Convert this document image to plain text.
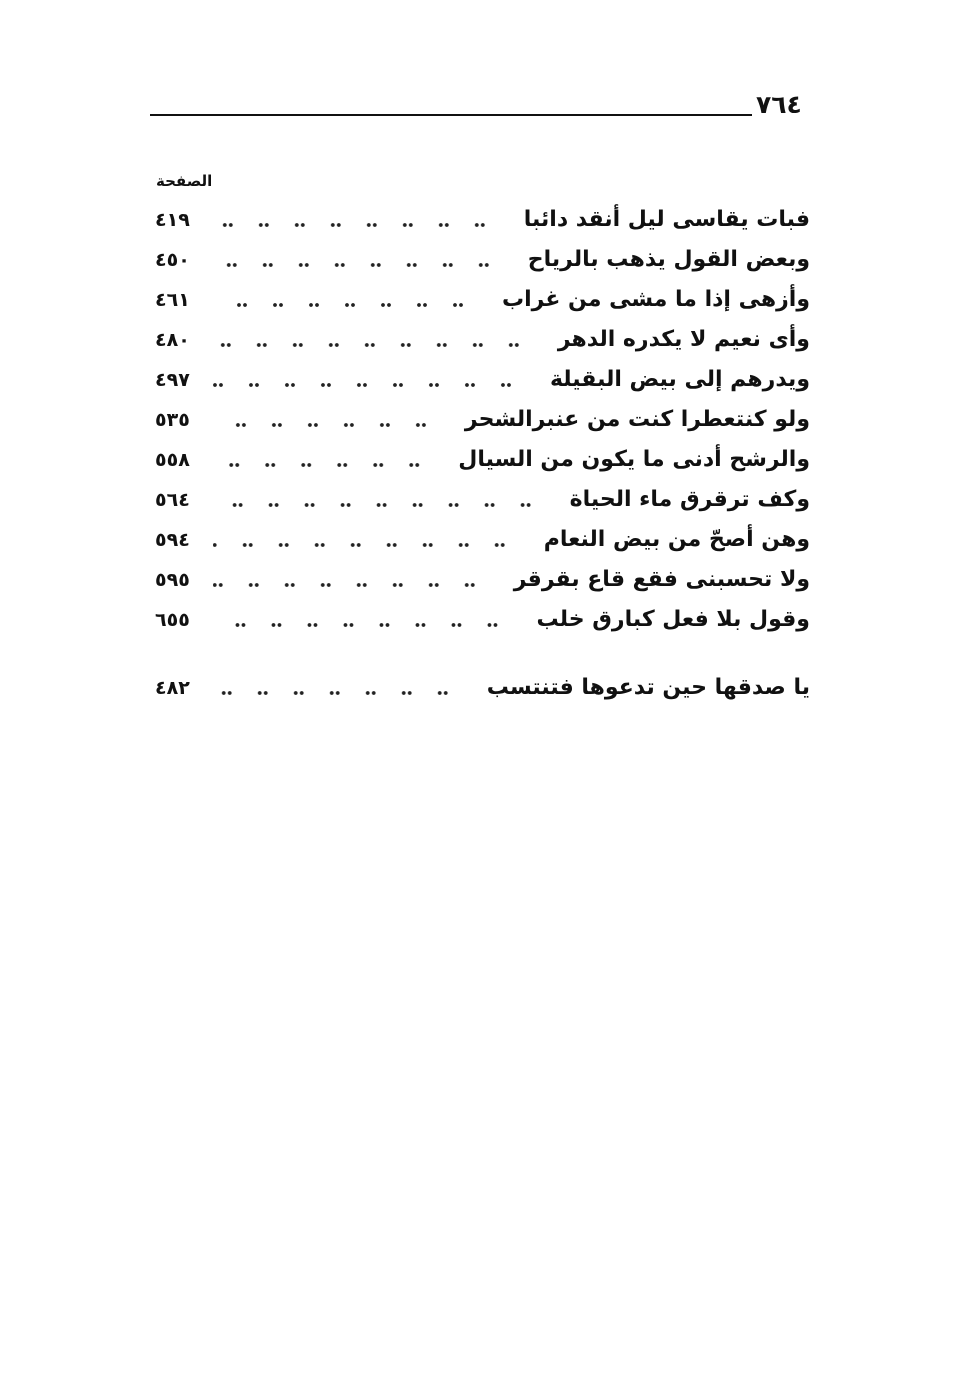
٧٦٤
الصفحة
فبات يقاسى ليل أنقد دائبا
٤١٩
وبعض القول يذهب بالرياح
٤٥٠
وأزهى إذا ما مشى من غراب
٤٦١
وأى نعيم لا يكدره الدهر
٤٨٠
ويدرهم إلى بيض البقيلة
٤٩٧
ولو كنتعطرا كنت من عنبرالشحر
٥٣٥
والرشح أدنى ما يكون من السيال
٥٥٨
وكف ترقرق ماء الحياة
٥٦٤
وهن أصحّ من بيض النعام
٥٩٤
ولا تحسبنى فقع قاع بقرقر
٥٩٥
وقول بلا فعل كبارق خلب
٦٥٥
يا صدقها حين تدعوها فتنتسب
٤٨٢
